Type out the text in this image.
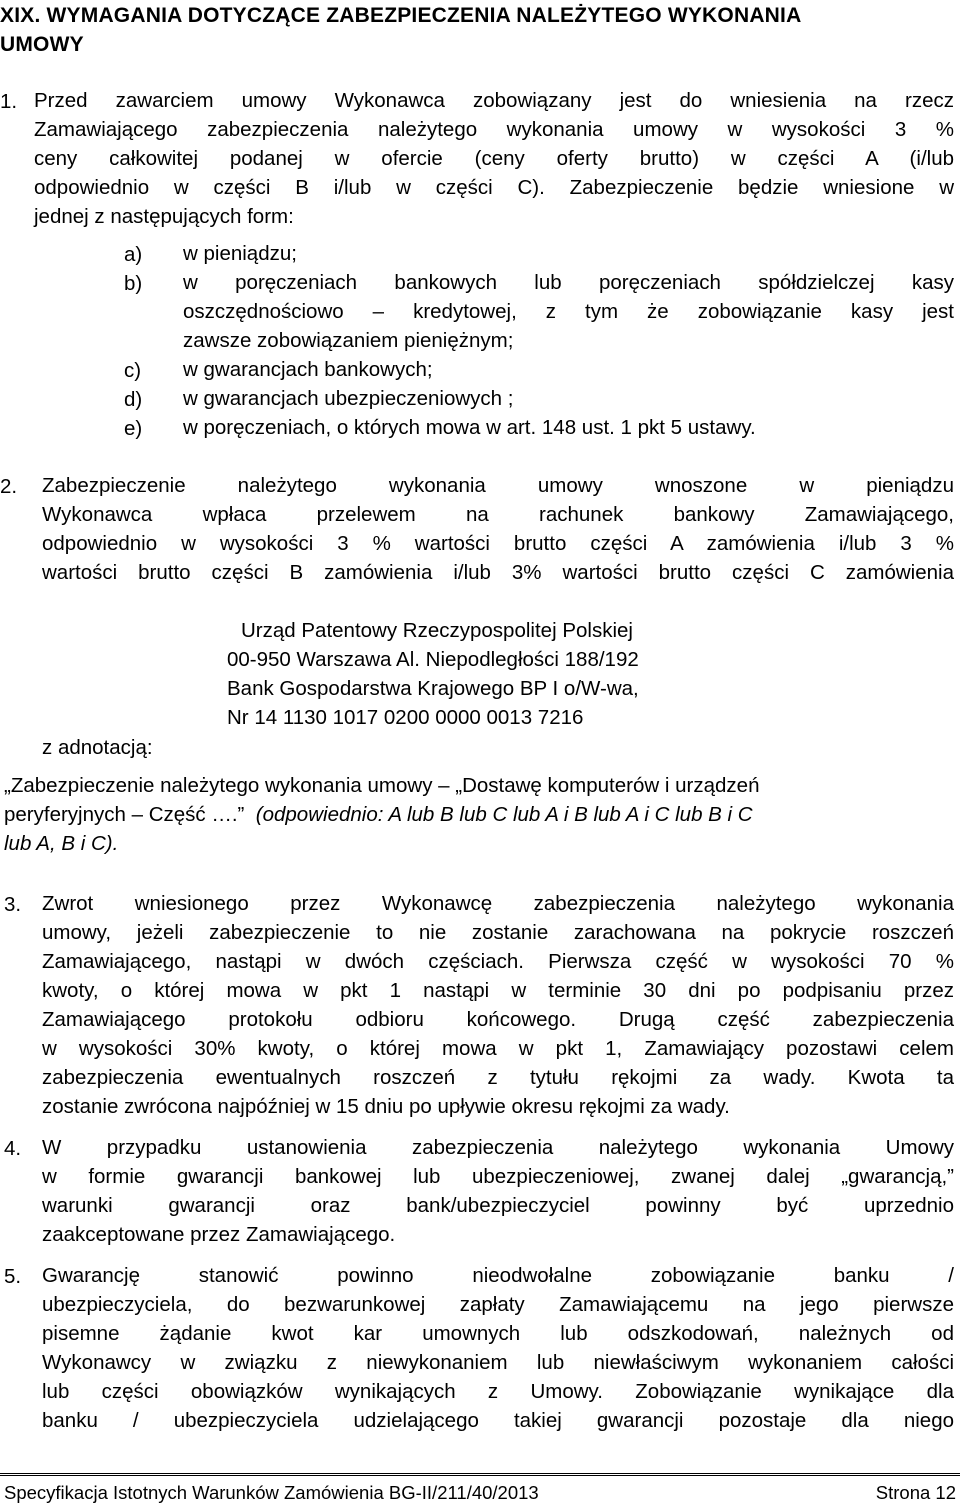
XIX. WYMAGANIA DOTYCZĄCE ZABEZPIECZENIA NALEŻYTEGO WYKONANIA
UMOWY
1. Przed zawarciem umowy Wykonawca zobowiązany jest do wniesienia na rzecz
Zamawiającego zabezpieczenia należytego wykonania umowy w wysokości 3 %
ceny całkowitej podanej w ofercie (ceny oferty brutto) w części A (i/lub
odpowiednio w części B i/lub w części C). Zabezpieczenie będzie wniesione w
jednej z następujących form:
a) w pieniądzu;
b) w poręczeniach bankowych lub poręczeniach spółdzielczej kasy
oszczędnościowo – kredytowej, z tym że zobowiązanie kasy jest
zawsze zobowiązaniem pieniężnym;
c) w gwarancjach bankowych;
d) w gwarancjach ubezpieczeniowych ;
e) w poręczeniach, o których mowa w art. 148 ust. 1 pkt 5 ustawy.
2. Zabezpieczenie należytego wykonania umowy wnoszone w pieniądzu
Wykonawca wpłaca przelewem na rachunek bankowy Zamawiającego,
odpowiednio w wysokości 3 % wartości brutto części A zamówienia i/lub 3 %
wartości brutto części B zamówienia i/lub 3% wartości brutto części C zamówienia
Urząd Patentowy Rzeczypospolitej Polskiej
00-950 Warszawa Al. Niepodległości 188/192
Bank Gospodarstwa Krajowego BP I o/W-wa,
Nr 14 1130 1017 0200 0000 0013 7216
z adnotacją:
„Zabezpieczenie należytego wykonania umowy – „Dostawę komputerów i urządzeń
peryferyjnych – Część ….” (odpowiednio: A lub B lub C lub A i B lub A i C lub B i C
lub A, B i C).
3. Zwrot wniesionego przez Wykonawcę zabezpieczenia należytego wykonania
umowy, jeżeli zabezpieczenie to nie zostanie zarachowana na pokrycie roszczeń
Zamawiającego, nastąpi w dwóch częściach. Pierwsza część w wysokości 70 %
kwoty, o której mowa w pkt 1 nastąpi w terminie 30 dni po podpisaniu przez
Zamawiającego protokołu odbioru końcowego. Drugą część zabezpieczenia
w wysokości 30% kwoty, o której mowa w pkt 1, Zamawiający pozostawi celem
zabezpieczenia ewentualnych roszczeń z tytułu rękojmi za wady. Kwota ta
zostanie zwrócona najpóźniej w 15 dniu po upływie okresu rękojmi za wady.
4. W przypadku ustanowienia zabezpieczenia należytego wykonania Umowy
w formie gwarancji bankowej lub ubezpieczeniowej, zwanej dalej „gwarancją,”
warunki gwarancji oraz bank/ubezpieczyciel powinny być uprzednio
zaakceptowane przez Zamawiającego.
5. Gwarancję stanowić powinno nieodwołalne zobowiązanie banku /
ubezpieczyciela, do bezwarunkowej zapłaty Zamawiającemu na jego pierwsze
pisemne żądanie kwot kar umownych lub odszkodowań, należnych od
Wykonawcy w związku z niewykonaniem lub niewłaściwym wykonaniem całości
lub części obowiązków wynikających z Umowy. Zobowiązanie wynikające dla
banku / ubezpieczyciela udzielającego takiej gwarancji pozostaje dla niego
Specyfikacja Istotnych Warunków Zamówienia BG-II/211/40/2013	Strona 12
